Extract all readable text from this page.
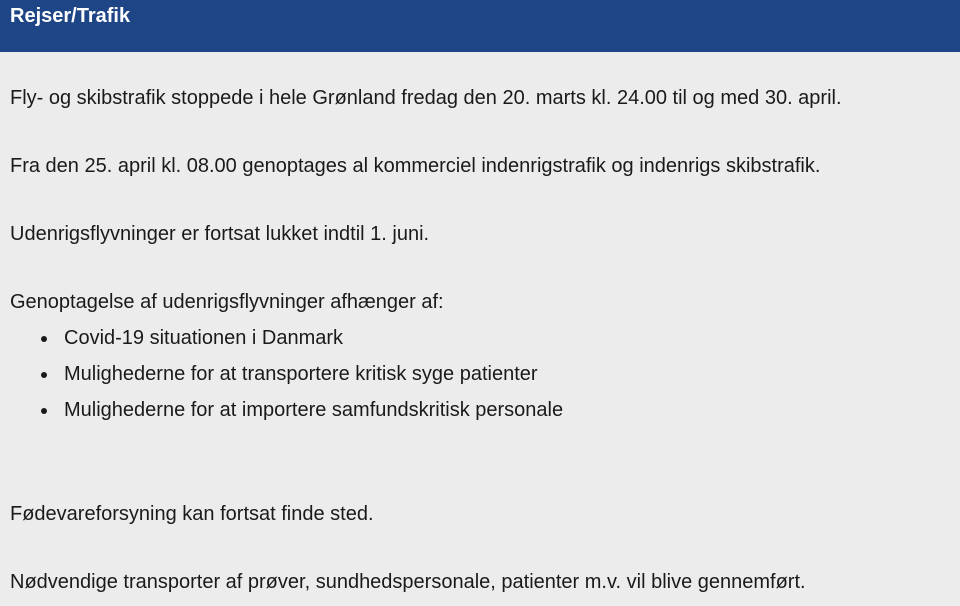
Rejser/Trafik

Fly- og skibstrafik stoppede i hele Grønland fredag den 20. marts kl. 24.00 til og med 30. april.

Fra den 25. april kl. 08.00 genoptages al kommerciel indenrigstrafik og indenrigs skibstrafik.

Udenrigsflyvninger er fortsat lukket indtil 1. juni.

Genoptagelse af udenrigsflyvninger afhænger af:

Covid-19 situationen i Danmark
Mulighederne for at transportere kritisk syge patienter
Mulighederne for at importere samfundskritisk personale

Fødevareforsyning kan fortsat finde sted.

Nødvendige transporter af prøver, sundhedspersonale, patienter m.v. vil blive gennemført.
